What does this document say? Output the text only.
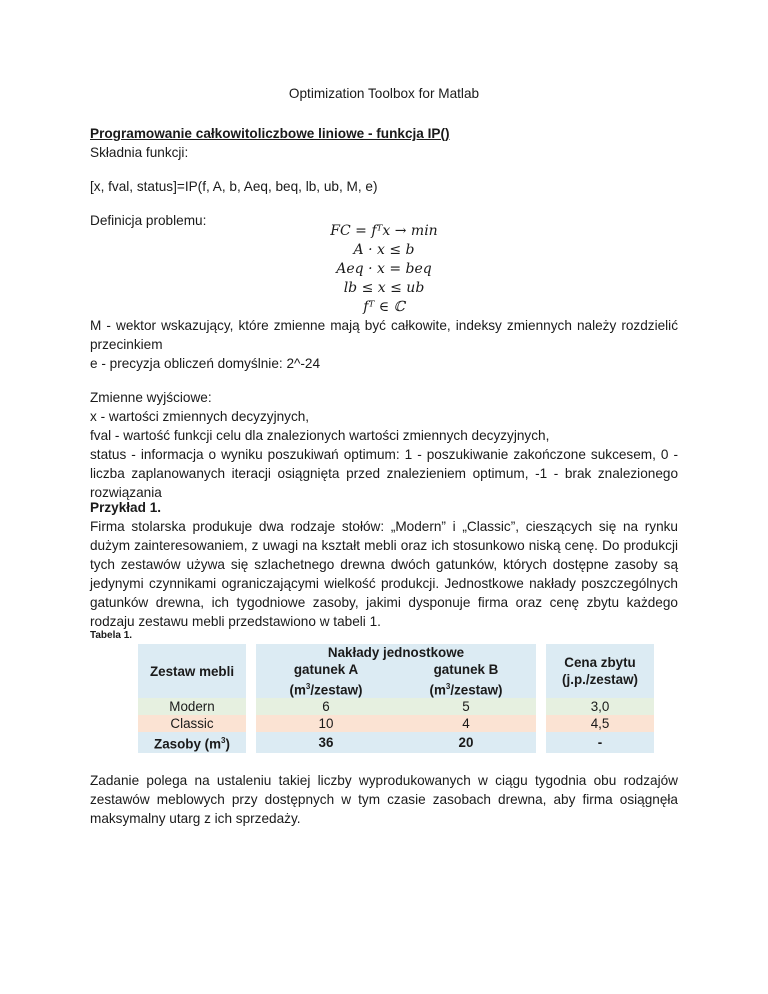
Optimization Toolbox for Matlab
Programowanie całkowitoliczbowe liniowe - funkcja IP()
Składnia funkcji:
[x, fval, status]=IP(f, A, b, Aeq, beq, lb, ub, M, e)
Definicja problemu:
FC = fᵀx → min
A · x ≤ b
Aeq · x = beq
lb ≤ x ≤ ub
fᵀ ∈ ℂ
M - wektor wskazujący, które zmienne mają być całkowite, indeksy zmiennych należy rozdzielić przecinkiem
e - precyzja obliczeń domyślnie: 2^-24
Zmienne wyjściowe:
x - wartości zmiennych decyzyjnych,
fval - wartość funkcji celu dla znalezionych wartości zmiennych decyzyjnych,
status - informacja o wyniku poszukiwań optimum: 1 - poszukiwanie zakończone sukcesem, 0 - liczba zaplanowanych iteracji osiągnięta przed znalezieniem optimum, -1 - brak znalezionego rozwiązania
Przykład 1.
Firma stolarska produkuje dwa rodzaje stołów: „Modern” i „Classic”, cieszących się na rynku dużym zainteresowaniem, z uwagi na kształt mebli oraz ich stosunkowo niską cenę. Do produkcji tych zestawów używa się szlachetnego drewna dwóch gatunków, których dostępne zasoby są jedynymi czynnikami ograniczającymi wielkość produkcji. Jednostkowe nakłady poszczególnych gatunków drewna, ich tygodniowe zasoby, jakimi dysponuje firma oraz cenę zbytu każdego rodzaju zestawu mebli przedstawiono w tabeli 1.
Tabela 1.
Zestaw mebli		Nakłady jednostkowe			Cena zbytu
(j.p./zestaw)

		gatunek A	gatunek B		
		$(m^3/zestaw)$	$(m^3/zestaw)$		
Modern		6	5		3,0
Classic		10	4		4,5
Zasoby $(m^3)$		36	20		-
Zadanie polega na ustaleniu takiej liczby wyprodukowanych w ciągu tygodnia obu rodzajów zestawów meblowych przy dostępnych w tym czasie zasobach drewna, aby firma osiągnęła maksymalny utarg z ich sprzedaży.
